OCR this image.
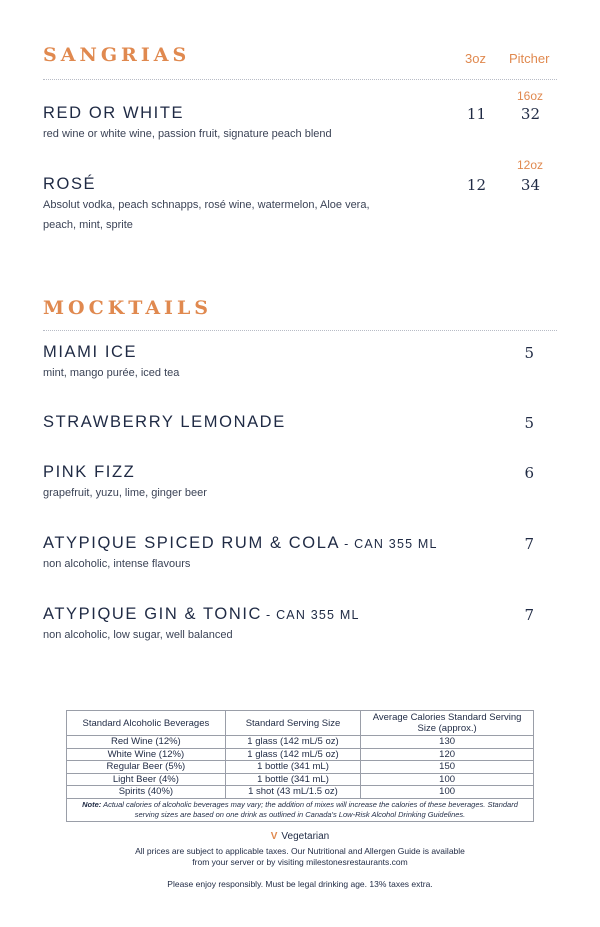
SANGRIAS	3oz Pitcher
16oz
RED OR WHITE	11 32
red wine or white wine, passion fruit, signature peach blend
12oz
ROSÉ	12 34
Absolut vodka, peach schnapps, rosé wine, watermelon, Aloe vera, peach, mint, sprite
MOCKTAILS
MIAMI ICE	5
mint, mango purée, iced tea
STRAWBERRY LEMONADE	5
PINK FIZZ	6
grapefruit, yuzu, lime, ginger beer
ATYPIQUE SPICED RUM & COLA - CAN 355 ML	7
non alcoholic, intense flavours
ATYPIQUE GIN & TONIC - CAN 355 ML	7
non alcoholic, low sugar, well balanced
Standard Alcoholic Beverages	Standard Serving Size	Average Calories Standard Serving Size (approx.)
Red Wine (12%)	1 glass (142 mL/5 oz)	130
White Wine (12%)	1 glass (142 mL/5 oz)	120
Regular Beer (5%)	1 bottle (341 mL)	150
Light Beer (4%)	1 bottle (341 mL)	100
Spirits (40%)	1 shot (43 mL/1.5 oz)	100
Note: Actual calories of alcoholic beverages may vary; the addition of mixes will increase the calories of these beverages. Standard serving sizes are based on one drink as outlined in Canada's Low-Risk Alcohol Drinking Guidelines.		
V Vegetarian
All prices are subject to applicable taxes. Our Nutritional and Allergen Guide is available
from your server or by visiting milestonesrestaurants.com
Please enjoy responsibly. Must be legal drinking age. 13% taxes extra.
